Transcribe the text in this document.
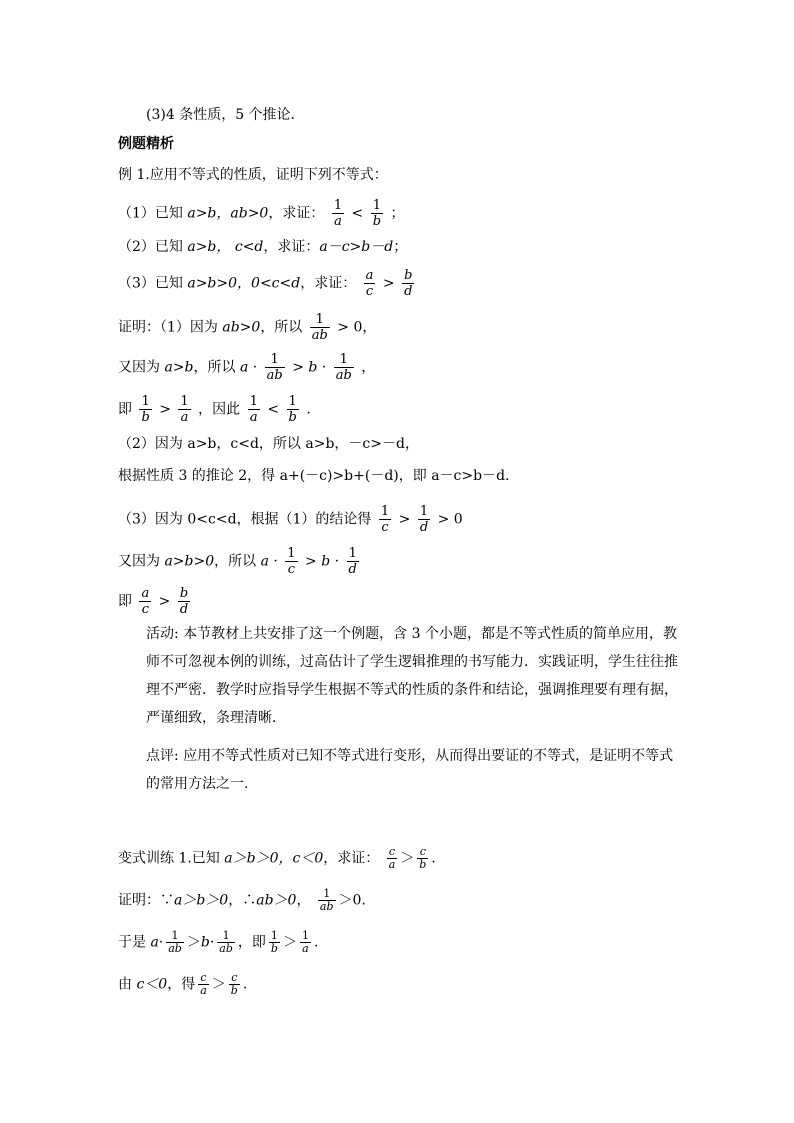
(3)4 条性质，5 个推论．
例题精析
例 1.应用不等式的性质，证明下列不等式：
（1）已知 a>b，ab>0，求证： $\frac{1}{a} < \frac{1}{b}$ ；
（2）已知 a>b， c<d，求证：a－c>b－d；
（3）已知 a>b>0，0<c<d，求证： $\frac{a}{c} > \frac{b}{d}$
证明：（1）因为 ab>0，所以 $\frac{1}{ab} > 0$，
又因为 a>b，所以 $a \cdot \frac{1}{ab} > b \cdot \frac{1}{ab}$ ，
即 $\frac{1}{b} > \frac{1}{a}$ ，因此 $\frac{1}{a} < \frac{1}{b}$ .
（2）因为 a>b，c<d，所以 a>b，－c>－d，
根据性质 3 的推论 2，得 a+(－c)>b+(－d)，即 a－c>b－d.
（3）因为 0<c<d，根据（1）的结论得 $\frac{1}{c} > \frac{1}{d} > 0$
又因为 a>b>0，所以 $a \cdot \frac{1}{c} > b \cdot \frac{1}{d}$
即 $\frac{a}{c} > \frac{b}{d}$
活动: 本节教材上共安排了这一个例题，含 3 个小题，都是不等式性质的简单应用，教师不可忽视本例的训练，过高估计了学生逻辑推理的书写能力．实践证明，学生往往推理不严密．教学时应指导学生根据不等式的性质的条件和结论，强调推理要有理有据，严谨细致，条理清晰．
点评: 应用不等式性质对已知不等式进行变形，从而得出要证的不等式，是证明不等式的常用方法之一.
变式训练 1.已知 a＞b＞0，c＜0，求证： $\frac{c}{a} > \frac{c}{b}$ .
证明：∵a＞b＞0，∴ab＞0， $\frac{1}{ab} >0$.
于是 $a\cdot \frac{1}{ab} >b\cdot \frac{1}{ab}$ ，即 $\frac{1}{b} > \frac{1}{a}$ .
由 c＜0，得 $\frac{c}{a} > \frac{c}{b}$ .
